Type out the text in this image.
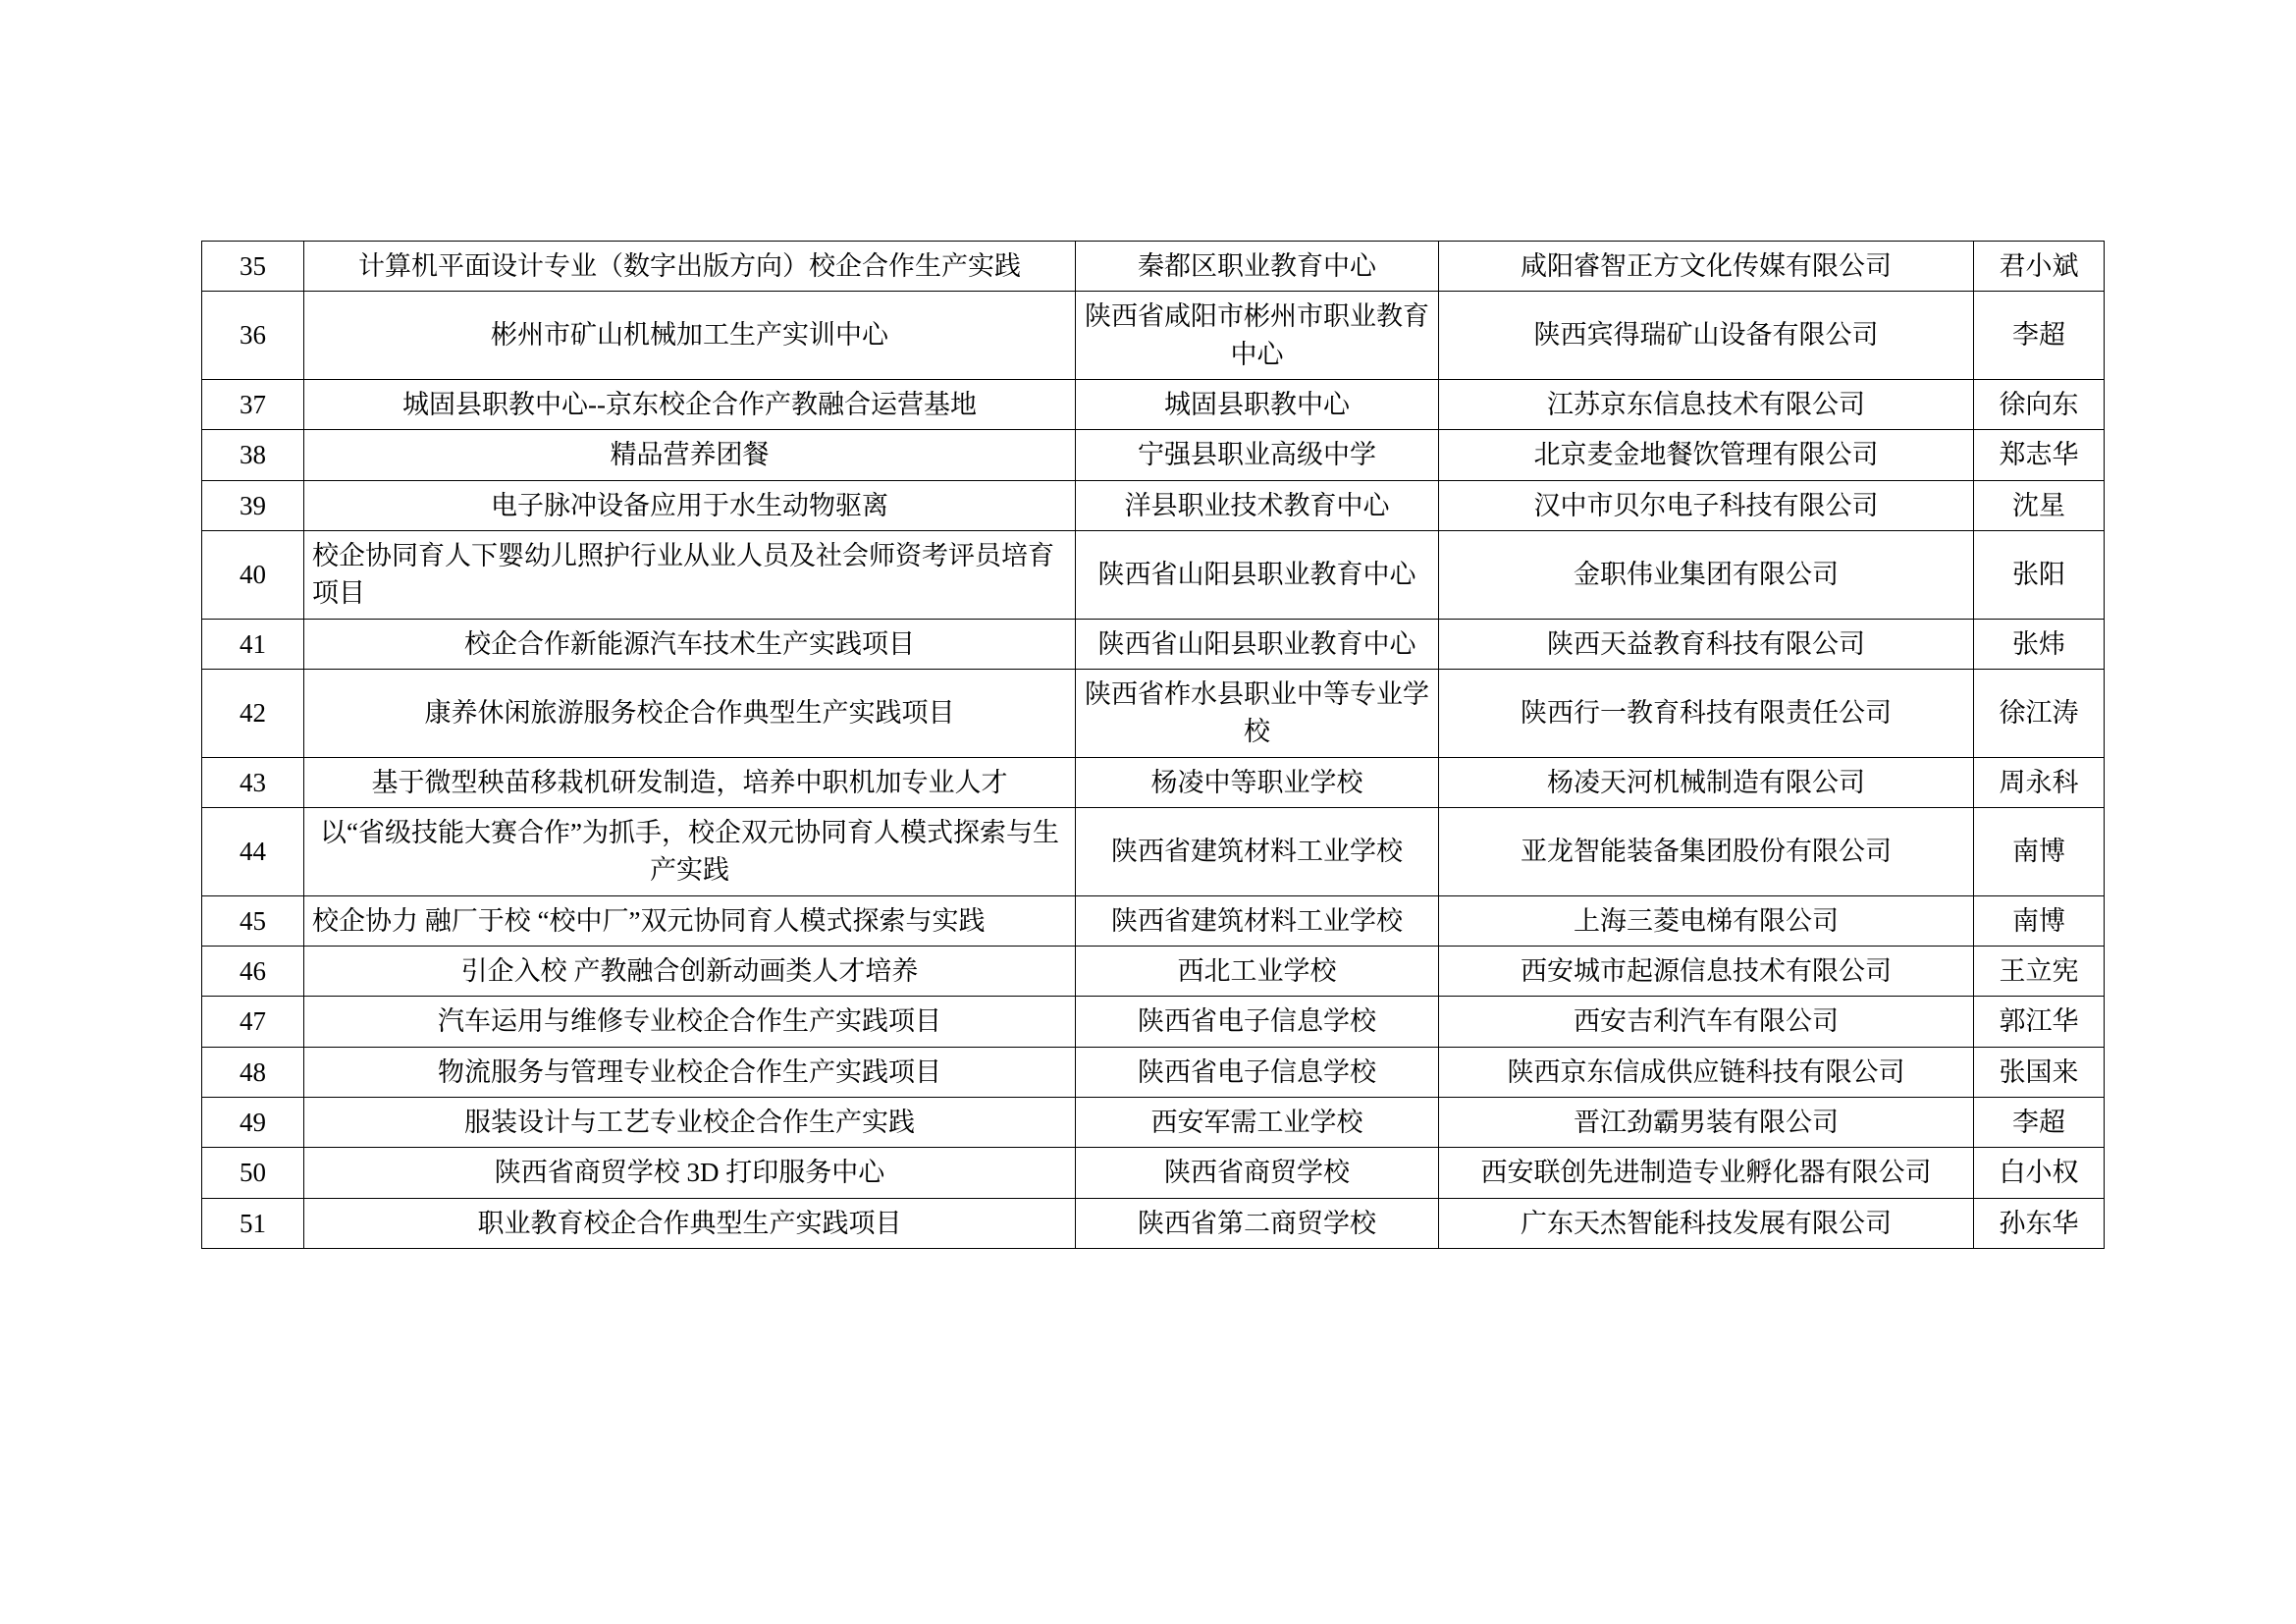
35	计算机平面设计专业（数字出版方向）校企合作生产实践	秦都区职业教育中心	咸阳睿智正方文化传媒有限公司	君小斌
36	彬州市矿山机械加工生产实训中心	陕西省咸阳市彬州市职业教育中心	陕西宾得瑞矿山设备有限公司	李超
37	城固县职教中心--京东校企合作产教融合运营基地	城固县职教中心	江苏京东信息技术有限公司	徐向东
38	精品营养团餐	宁强县职业高级中学	北京麦金地餐饮管理有限公司	郑志华
39	电子脉冲设备应用于水生动物驱离	洋县职业技术教育中心	汉中市贝尔电子科技有限公司	沈星
40	校企协同育人下婴幼儿照护行业从业人员及社会师资考评员培育项目	陕西省山阳县职业教育中心	金职伟业集团有限公司	张阳
41	校企合作新能源汽车技术生产实践项目	陕西省山阳县职业教育中心	陕西天益教育科技有限公司	张炜
42	康养休闲旅游服务校企合作典型生产实践项目	陕西省柞水县职业中等专业学校	陕西行一教育科技有限责任公司	徐江涛
43	基于微型秧苗移栽机研发制造，培养中职机加专业人才	杨凌中等职业学校	杨凌天河机械制造有限公司	周永科
44	以“省级技能大赛合作”为抓手，校企双元协同育人模式探索与生产实践	陕西省建筑材料工业学校	亚龙智能装备集团股份有限公司	南博
45	校企协力 融厂于校 “校中厂”双元协同育人模式探索与实践	陕西省建筑材料工业学校	上海三菱电梯有限公司	南博
46	引企入校 产教融合创新动画类人才培养	西北工业学校	西安城市起源信息技术有限公司	王立宪
47	汽车运用与维修专业校企合作生产实践项目	陕西省电子信息学校	西安吉利汽车有限公司	郭江华
48	物流服务与管理专业校企合作生产实践项目	陕西省电子信息学校	陕西京东信成供应链科技有限公司	张国来
49	服装设计与工艺专业校企合作生产实践	西安军需工业学校	晋江劲霸男装有限公司	李超
50	陕西省商贸学校 3D 打印服务中心	陕西省商贸学校	西安联创先进制造专业孵化器有限公司	白小权
51	职业教育校企合作典型生产实践项目	陕西省第二商贸学校	广东天杰智能科技发展有限公司	孙东华
